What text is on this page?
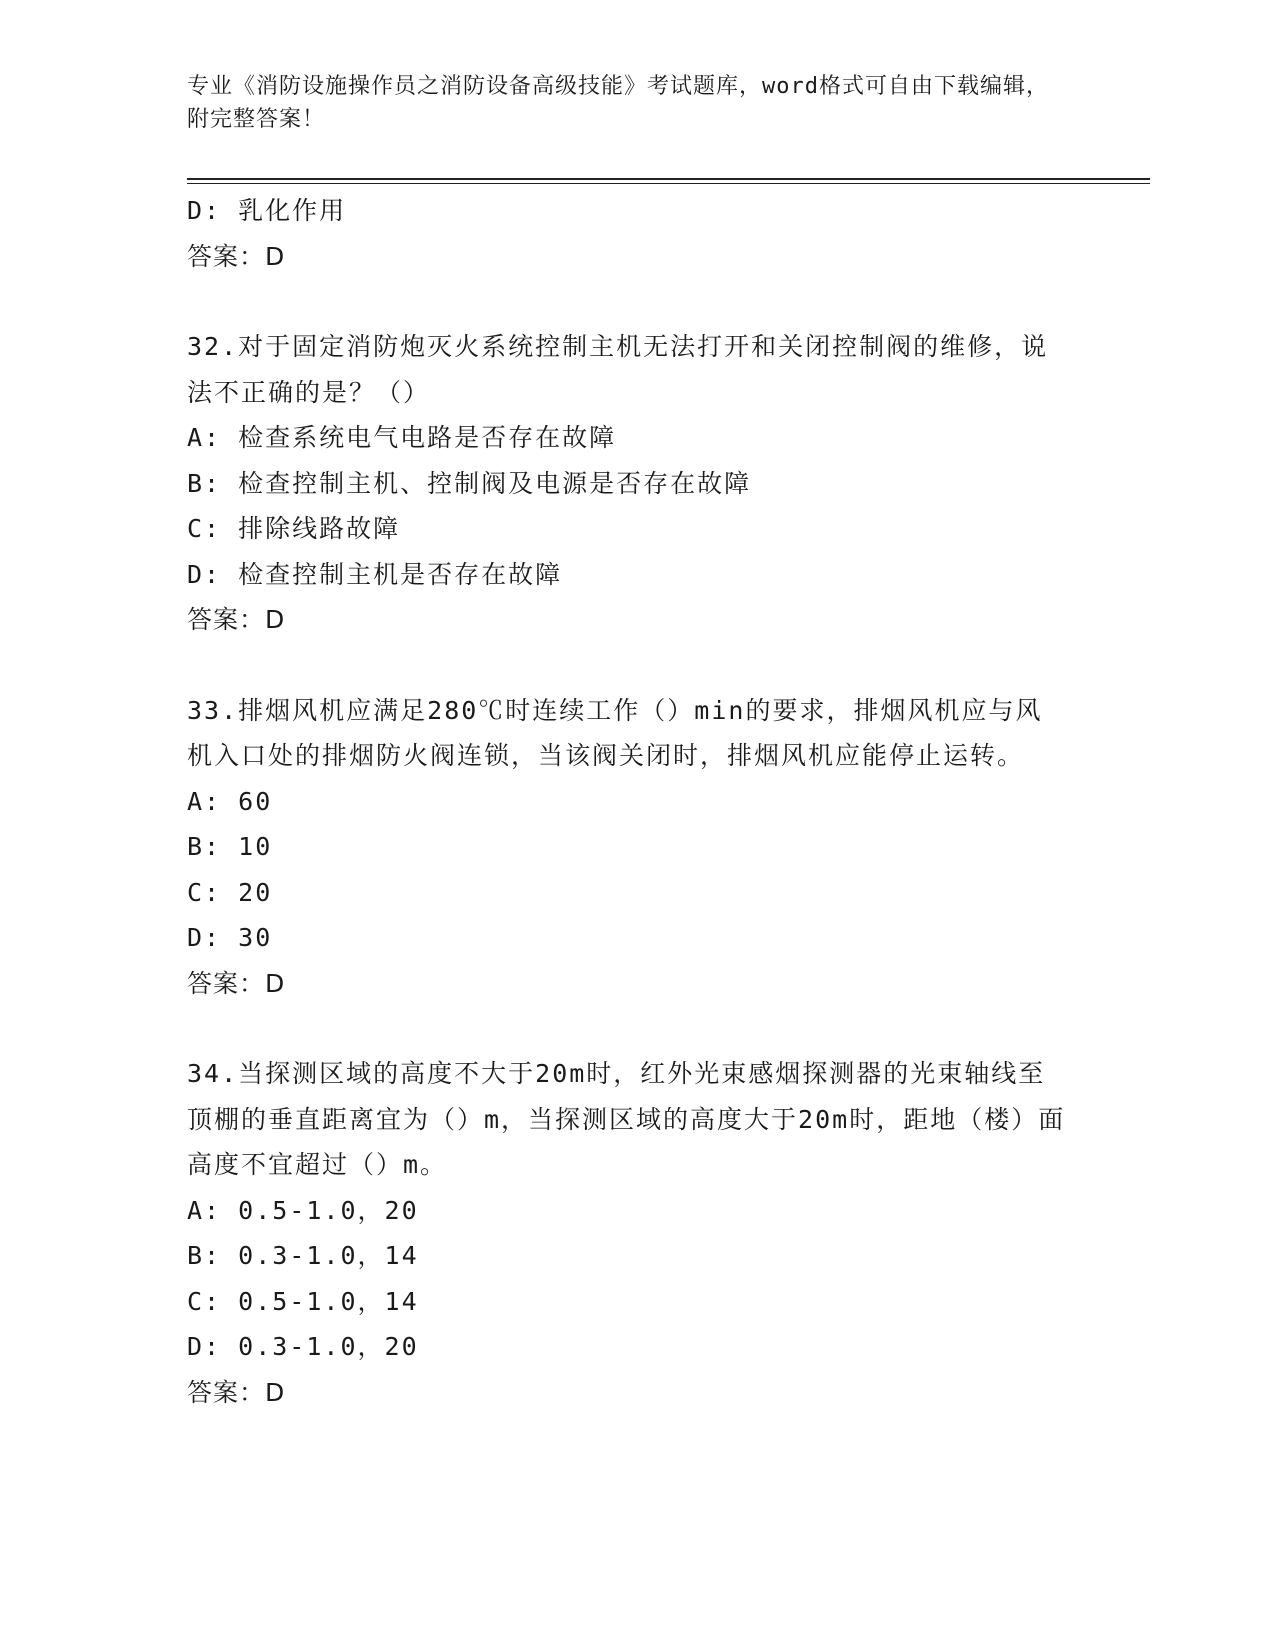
专业《消防设施操作员之消防设备高级技能》考试题库，word格式可自由下载编辑，附完整答案！
D: 乳化作用
答案：D
32.对于固定消防炮灭火系统控制主机无法打开和关闭控制阀的维修，说法不正确的是？（）
A: 检查系统电气电路是否存在故障
B: 检查控制主机、控制阀及电源是否存在故障
C: 排除线路故障
D: 检查控制主机是否存在故障
答案：D
33.排烟风机应满足280℃时连续工作（）min的要求，排烟风机应与风机入口处的排烟防火阀连锁，当该阀关闭时，排烟风机应能停止运转。
A: 60
B: 10
C: 20
D: 30
答案：D
34.当探测区域的高度不大于20m时，红外光束感烟探测器的光束轴线至顶棚的垂直距离宜为（）m，当探测区域的高度大于20m时，距地（楼）面高度不宜超过（）m。
A: 0.5-1.0，20
B: 0.3-1.0，14
C: 0.5-1.0，14
D: 0.3-1.0，20
答案：D
